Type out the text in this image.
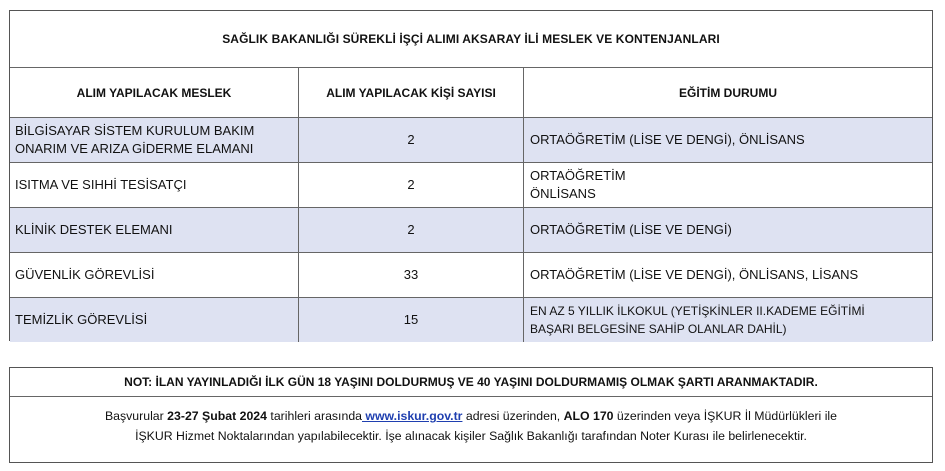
SAĞLIK BAKANLIĞI SÜREKLİ İŞÇİ ALIMI AKSARAY İLİ MESLEK VE KONTENJANLARI
ALIM YAPILACAK MESLEK	ALIM YAPILACAK KİŞİ SAYISI	EĞİTİM DURUMU
BİLGİSAYAR SİSTEM KURULUM BAKIM
ONARIM VE ARIZA GİDERME ELAMANI
2	ORTAÖĞRETİM (LİSE VE DENGİ), ÖNLİSANS
ISITMA VE SIHHİ TESİSATÇI	2
ORTAÖĞRETİM
ÖNLİSANS
KLİNİK DESTEK ELEMANI	2	ORTAÖĞRETİM (LİSE VE DENGİ)
GÜVENLİK GÖREVLİSİ	33	ORTAÖĞRETİM (LİSE VE DENGİ), ÖNLİSANS, LİSANS
TEMİZLİK GÖREVLİSİ	15
EN AZ 5 YILLIK İLKOKUL (YETİŞKİNLER II.KADEME EĞİTİMİ
BAŞARI BELGESİNE SAHİP OLANLAR DAHİL)
NOT: İLAN YAYINLADIĞI İLK GÜN 18 YAŞINI DOLDURMUŞ VE 40 YAŞINI DOLDURMAMIŞ OLMAK ŞARTI ARANMAKTADIR.
Başvurular 23-27 Şubat 2024 tarihleri arasında www.iskur.gov.tr adresi üzerinden, ALO 170 üzerinden veya İŞKUR İl Müdürlükleri ile
İŞKUR Hizmet Noktalarından yapılabilecektir. İşe alınacak kişiler Sağlık Bakanlığı tarafından Noter Kurası ile belirlenecektir.
